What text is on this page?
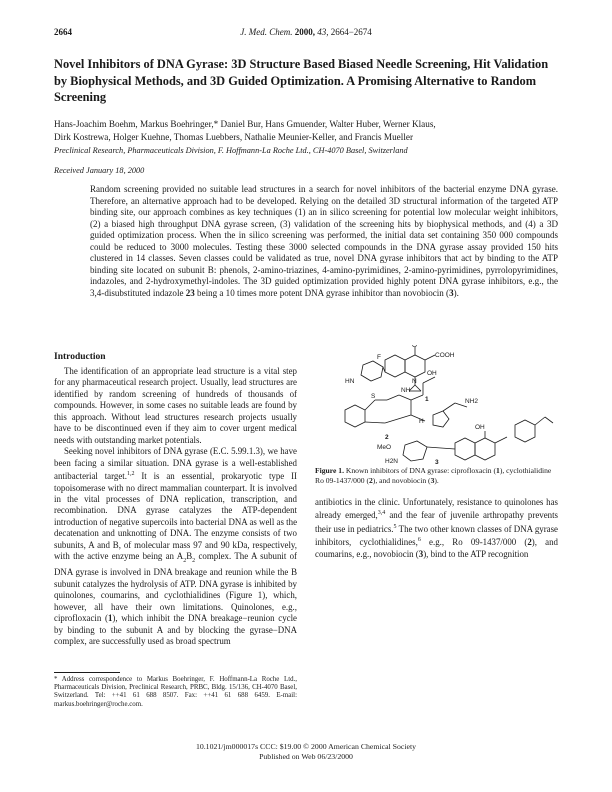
2664	J. Med. Chem. 2000, 43, 2664−2674
Novel Inhibitors of DNA Gyrase: 3D Structure Based Biased Needle Screening, Hit Validation by Biophysical Methods, and 3D Guided Optimization. A Promising Alternative to Random Screening
Hans-Joachim Boehm, Markus Boehringer,* Daniel Bur, Hans Gmuender, Walter Huber, Werner Klaus,
Dirk Kostrewa, Holger Kuehne, Thomas Luebbers, Nathalie Meunier-Keller, and Francis Mueller
Preclinical Research, Pharmaceuticals Division, F. Hoffmann-La Roche Ltd., CH-4070 Basel, Switzerland
Received January 18, 2000
Random screening provided no suitable lead structures in a search for novel inhibitors of the bacterial enzyme DNA gyrase. Therefore, an alternative approach had to be developed. Relying on the detailed 3D structural information of the targeted ATP binding site, our approach combines as key techniques (1) an in silico screening for potential low molecular weight inhibitors, (2) a biased high throughput DNA gyrase screen, (3) validation of the screening hits by biophysical methods, and (4) a 3D guided optimization process. When the in silico screening was performed, the initial data set containing 350 000 compounds could be reduced to 3000 molecules. Testing these 3000 selected compounds in the DNA gyrase assay provided 150 hits clustered in 14 classes. Seven classes could be validated as true, novel DNA gyrase inhibitors that act by binding to the ATP binding site located on subunit B: phenols, 2-amino-triazines, 4-amino-pyrimidines, 2-amino-pyrimidines, pyrrolopyrimidines, indazoles, and 2-hydroxymethyl-indoles. The 3D guided optimization provided highly potent DNA gyrase inhibitors, e.g., the 3,4-disubstituted indazole 23 being a 10 times more potent DNA gyrase inhibitor than novobiocin (3).
Introduction

The identification of an appropriate lead structure is a vital step for any pharmaceutical research project. Usually, lead structures are identified by random screening of hundreds of thousands of compounds. However, in some cases no suitable leads are found by this approach. Without lead structures research projects usually have to be discontinued even if they aim to cover urgent medical needs with outstanding market potentials.

Seeking novel inhibitors of DNA gyrase (E.C. 5.99.1.3), we have been facing a similar situation. DNA gyrase is a well-established antibacterial target.$^{1,2}$ It is an essential, prokaryotic type II topoisomerase with no direct mammalian counterpart. It is involved in the vital processes of DNA replication, transcription, and recombination. DNA gyrase catalyzes the ATP-dependent introduction of negative supercoils into bacterial DNA as well as the decatenation and unknotting of DNA. The enzyme consists of two subunits, A and B, of molecular mass 97 and 90 kDa, respectively, with the active enzyme being an $A_2B_2$ complex. The A subunit of DNA gyrase is involved in DNA breakage and reunion while the B subunit catalyzes the hydrolysis of ATP. DNA gyrase is inhibited by quinolones, coumarins, and cyclothialidines (Figure 1), which, however, all have their own limitations. Quinolones, e.g., ciprofloxacin (1), which inhibit the DNA breakage−reunion cycle by binding to the subunit A and by blocking the gyrase−DNA complex, are successfully used as broad spectrum

* Address correspondence to Markus Boehringer, F. Hoffmann-La Roche Ltd., Pharmaceuticals Division, Preclinical Research, PRBC, Bldg. 15/136, CH-4070 Basel, Switzerland. Tel: ++41 61 688 8507. Fax: ++41 61 688 6459. E-mail: markus.boehringer@roche.com.
F
O
COOH
N
HN
OH
NH
NH2
S
H
OH
MeO
H2N
1
2
3
Figure 1. Known inhibitors of DNA gyrase: ciprofloxacin (1), cyclothialidine Ro 09-1437/000 (2), and novobiocin (3).

antibiotics in the clinic. Unfortunately, resistance to quinolones has already emerged,$^{3,4}$ and the fear of juvenile arthropathy prevents their use in pediatrics.$^5$ The two other known classes of DNA gyrase inhibitors, cyclothialidines,$^6$ e.g., Ro 09-1437/000 (2), and coumarins, e.g., novobiocin (3), bind to the ATP recognition

10.1021/jm000017s CCC: $19.00 © 2000 American Chemical Society
Published on Web 06/23/2000
